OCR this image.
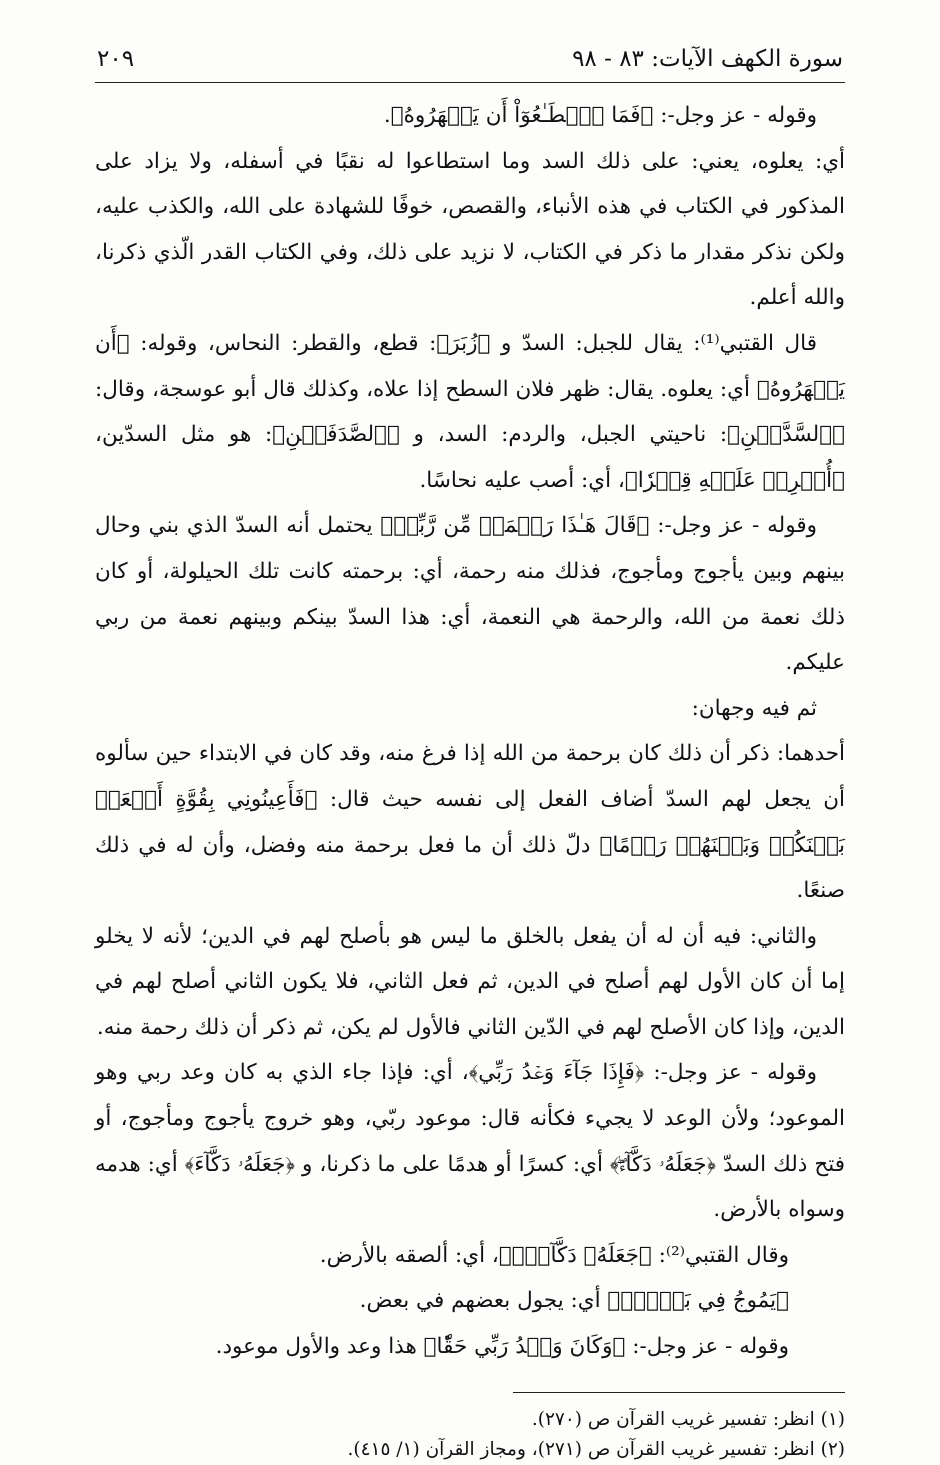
سورة الكهف الآيات: ٨٣ - ٩٨
٢٠٩

وقوله - عز وجل-: ﴿فَمَا ٱسۡطَـٰعُوٓاْ أَن يَظۡهَرُوهُ﴾.

أي: يعلوه، يعني: على ذلك السد وما استطاعوا له نقبًا في أسفله، ولا يزاد على المذكور في الكتاب في هذه الأنباء، والقصص، خوفًا للشهادة على الله، والكذب عليه، ولكن نذكر مقدار ما ذكر في الكتاب، لا نزيد على ذلك، وفي الكتاب القدر الّذي ذكرنا، والله أعلم.

قال القتبي⁽¹⁾: يقال للجبل: السدّ و ﴿زُبَرَ﴾: قطع، والقطر: النحاس، وقوله: ﴿أَن يَظۡهَرُوهُ﴾ أي: يعلوه. يقال: ظهر فلان السطح إذا علاه، وكذلك قال أبو عوسجة، وقال: ﴿ٱلسَّدَّيۡنِ﴾: ناحيتي الجبل، والردم: السد، و ﴿ٱلصَّدَفَيۡنِ﴾: هو مثل السدّين، ﴿أُفۡرِغۡ عَلَيۡهِ قِطۡرٗا﴾، أي: أصب عليه نحاسًا.

وقوله - عز وجل-: ﴿قَالَ هَـٰذَا رَحۡمَةٞ مِّن رَّبِّيۖ﴾ يحتمل أنه السدّ الذي بني وحال بينهم وبين يأجوج ومأجوج، فذلك منه رحمة، أي: برحمته كانت تلك الحيلولة، أو كان ذلك نعمة من الله، والرحمة هي النعمة، أي: هذا السدّ بينكم وبينهم نعمة من ربي عليكم.

ثم فيه وجهان:

أحدهما: ذكر أن ذلك كان برحمة من الله إذا فرغ منه، وقد كان في الابتداء حين سألوه أن يجعل لهم السدّ أضاف الفعل إلى نفسه حيث قال: ﴿فَأَعِينُونِي بِقُوَّةٍ أَجۡعَلۡ بَيۡنَكُمۡ وَبَيۡنَهُمۡ رَدۡمًا﴾ دلّ ذلك أن ما فعل برحمة منه وفضل، وأن له في ذلك صنعًا.

والثاني: فيه أن له أن يفعل بالخلق ما ليس هو بأصلح لهم في الدين؛ لأنه لا يخلو إما أن كان الأول لهم أصلح في الدين، ثم فعل الثاني، فلا يكون الثاني أصلح لهم في الدين، وإذا كان الأصلح لهم في الدّين الثاني فالأول لم يكن، ثم ذكر أن ذلك رحمة منه.

وقوله - عز وجل-: ﴿فَإِذَا جَآءَ وَعۡدُ رَبِّي﴾، أي: فإذا جاء الذي به كان وعد ربي وهو الموعود؛ ولأن الوعد لا يجيء فكأنه قال: موعود ربّي، وهو خروج يأجوج ومأجوج، أو فتح ذلك السدّ ﴿جَعَلَهُۥ دَكَّآءَۖ﴾ أي: كسرًا أو هدمًا على ما ذكرنا، و ﴿جَعَلَهُۥ دَكَّآءَ﴾ أي: هدمه وسواه بالأرض.

وقال القتبي⁽²⁾: ﴿جَعَلَهُۥ دَكَّآءَۖ﴾، أي: ألصقه بالأرض.

﴿يَمُوجُ فِي بَعۡضٖۖ﴾ أي: يجول بعضهم في بعض.

وقوله - عز وجل-: ﴿وَكَانَ وَعۡدُ رَبِّي حَقّٗا﴾ هذا وعد والأول موعود.

(١) انظر: تفسير غريب القرآن ص (٢٧٠).

(٢) انظر: تفسير غريب القرآن ص (٢٧١)، ومجاز القرآن (١/ ٤١٥).
